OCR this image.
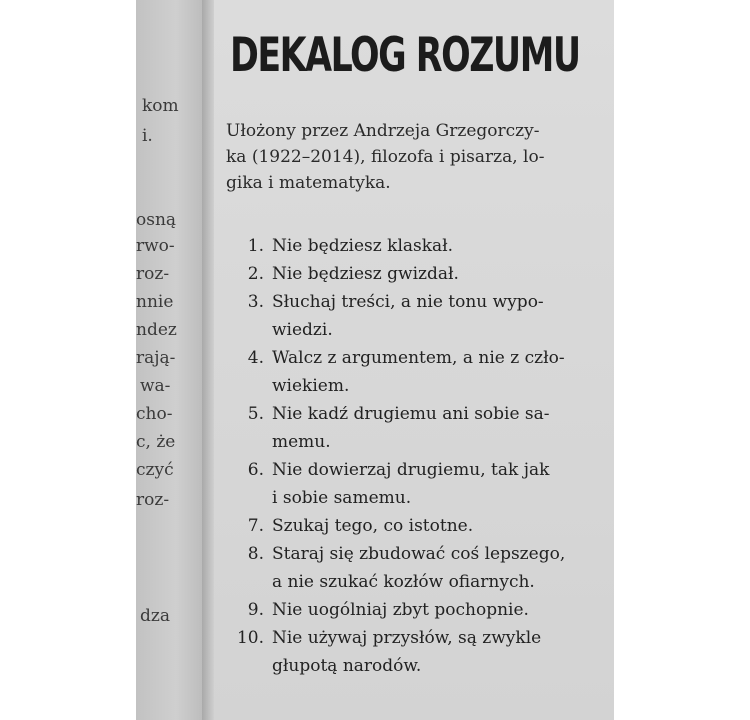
kom
i.
osną
rwo-
roz-
nnie
ndez
rają-
wa-
cho-
c, że
czyć
roz-
dza
DEKALOG ROZUMU
Ułożony przez Andrzeja Grzegorczy-
ka (1922–2014), filozofa i pisarza, lo-
gika i matematyka.
1. Nie będziesz klaskał.
2. Nie będziesz gwizdał.
3. Słuchaj treści, a nie tonu wypo-
wiedzi.
4. Walcz z argumentem, a nie z czło-
wiekiem.
5. Nie kadź drugiemu ani sobie sa-
memu.
6. Nie dowierzaj drugiemu, tak jak
i sobie samemu.
7. Szukaj tego, co istotne.
8. Staraj się zbudować coś lepszego,
a nie szukać kozłów ofiarnych.
9. Nie uogólniaj zbyt pochopnie.
10. Nie używaj przysłów, są zwykle
głupotą narodów.
